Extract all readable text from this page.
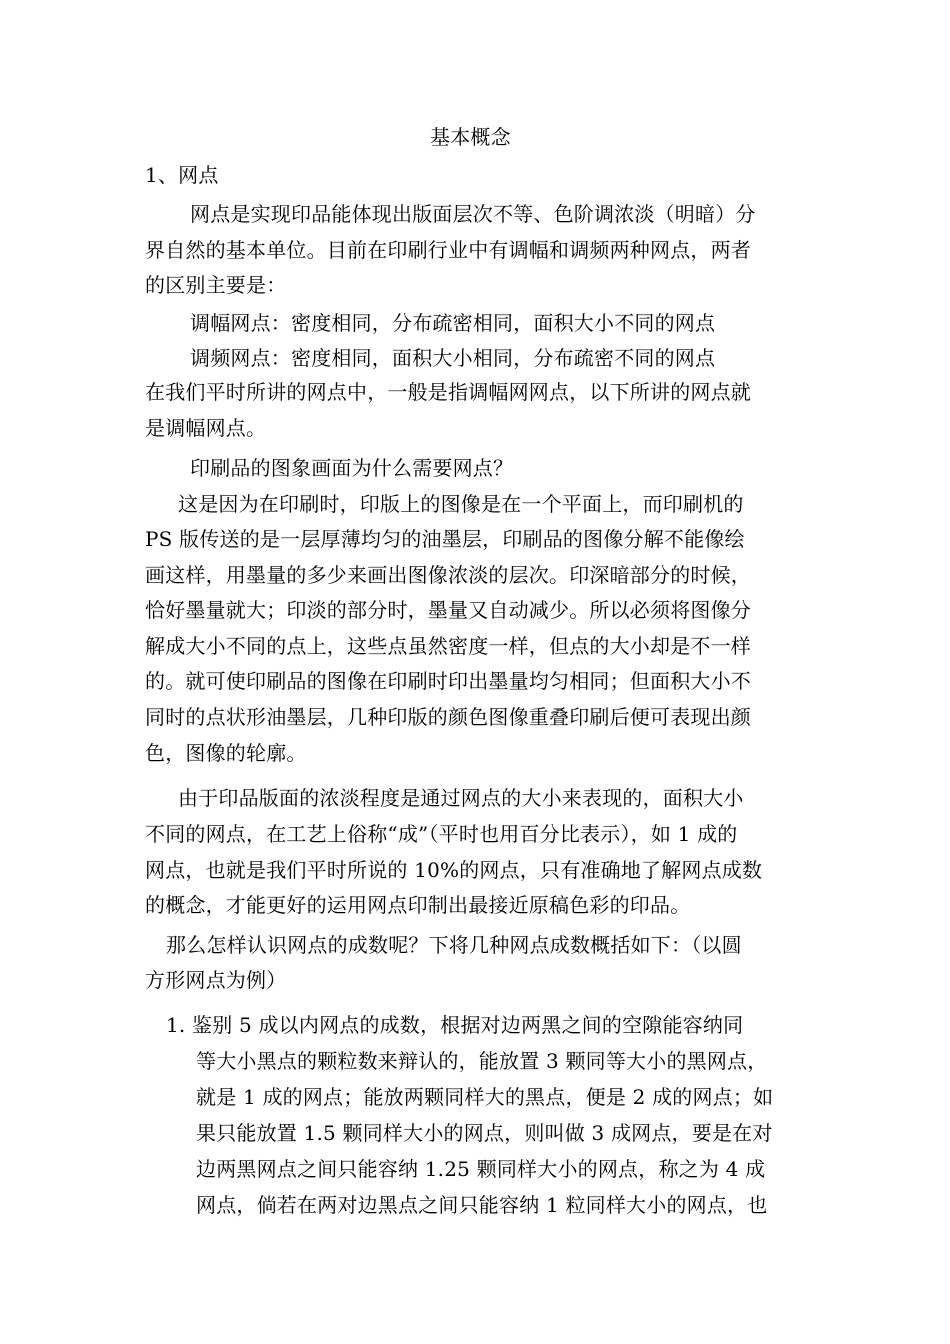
基本概念
1、网点
网点是实现印品能体现出版面层次不等、色阶调浓淡（明暗）分
界自然的基本单位。目前在印刷行业中有调幅和调频两种网点，两者
的区别主要是：
调幅网点：密度相同，分布疏密相同，面积大小不同的网点
调频网点：密度相同，面积大小相同，分布疏密不同的网点
在我们平时所讲的网点中，一般是指调幅网网点，以下所讲的网点就
是调幅网点。
印刷品的图象画面为什么需要网点？
这是因为在印刷时，印版上的图像是在一个平面上，而印刷机的
PS 版传送的是一层厚薄均匀的油墨层，印刷品的图像分解不能像绘
画这样，用墨量的多少来画出图像浓淡的层次。印深暗部分的时候，
恰好墨量就大；印淡的部分时，墨量又自动减少。所以必须将图像分
解成大小不同的点上，这些点虽然密度一样，但点的大小却是不一样
的。就可使印刷品的图像在印刷时印出墨量均匀相同；但面积大小不
同时的点状形油墨层，几种印版的颜色图像重叠印刷后便可表现出颜
色，图像的轮廓。
由于印品版面的浓淡程度是通过网点的大小来表现的，面积大小
不同的网点，在工艺上俗称“成”（平时也用百分比表示），如 1 成的
网点，也就是我们平时所说的 10%的网点，只有准确地了解网点成数
的概念，才能更好的运用网点印制出最接近原稿色彩的印品。
那么怎样认识网点的成数呢？下将几种网点成数概括如下：（以圆
方形网点为例）
1. 鉴别 5 成以内网点的成数，根据对边两黑之间的空隙能容纳同
等大小黑点的颗粒数来辩认的，能放置 3 颗同等大小的黑网点，
就是 1 成的网点；能放两颗同样大的黑点，便是 2 成的网点；如
果只能放置 1.5 颗同样大小的网点，则叫做 3 成网点，要是在对
边两黑网点之间只能容纳 1.25 颗同样大小的网点，称之为 4 成
网点，倘若在两对边黑点之间只能容纳 1 粒同样大小的网点，也
